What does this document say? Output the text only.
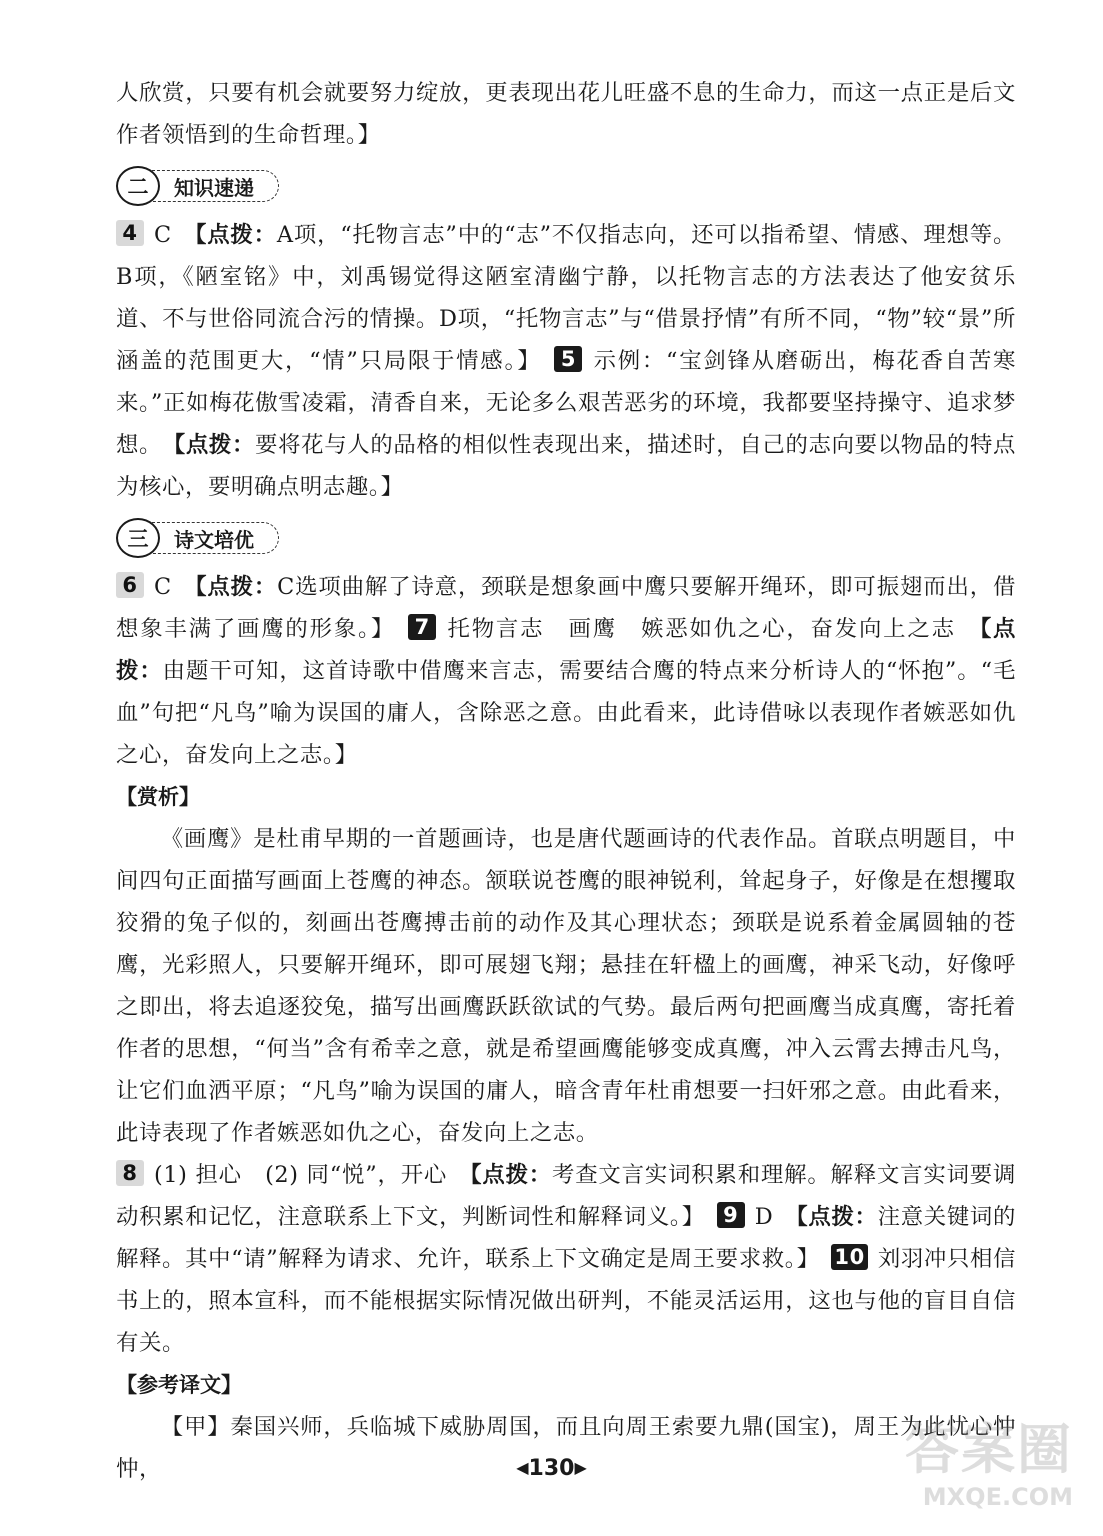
人欣赏，只要有机会就要努力绽放，更表现出花儿旺盛不息的生命力，而这一点正是后文作者领悟到的生命哲理。】

二	知识速递

4 C　 【点拨：A项，“托物言志”中的“志”不仅指志向，还可以指希望、情感、理想等。B项，《陋室铭》中，刘禹锡觉得这陋室清幽宁静，以托物言志的方法表达了他安贫乐道、不与世俗同流合污的情操。D项，“托物言志”与“借景抒情”有所不同，“物”较“景”所涵盖的范围更大，“情”只局限于情感。】　 5 示例：“宝剑锋从磨砺出，梅花香自苦寒来。”正如梅花傲雪凌霜，清香自来，无论多么艰苦恶劣的环境，我都要坚持操守、追求梦想。　 【点拨：要将花与人的品格的相似性表现出来，描述时，自己的志向要以物品的特点为核心，要明确点明志趣。】

三	诗文培优

6 C　 【点拨：C选项曲解了诗意，颈联是想象画中鹰只要解开绳环，即可振翅而出，借想象丰满了画鹰的形象。】　 7 托物言志　画鹰　嫉恶如仇之心，奋发向上之志　 【点拨：由题干可知，这首诗歌中借鹰来言志，需要结合鹰的特点来分析诗人的“怀抱”。“毛血”句把“凡鸟”喻为误国的庸人，含除恶之意。由此看来，此诗借咏以表现作者嫉恶如仇之心，奋发向上之志。】

【赏析】

《画鹰》是杜甫早期的一首题画诗，也是唐代题画诗的代表作品。首联点明题目，中间四句正面描写画面上苍鹰的神态。颔联说苍鹰的眼神锐利，耸起身子，好像是在想攫取狡猾的兔子似的，刻画出苍鹰搏击前的动作及其心理状态；颈联是说系着金属圆轴的苍鹰，光彩照人，只要解开绳环，即可展翅飞翔；悬挂在轩楹上的画鹰，神采飞动，好像呼之即出，将去追逐狡兔，描写出画鹰跃跃欲试的气势。最后两句把画鹰当成真鹰，寄托着作者的思想，“何当”含有希幸之意，就是希望画鹰能够变成真鹰，冲入云霄去搏击凡鸟，让它们血洒平原；“凡鸟”喻为误国的庸人，暗含青年杜甫想要一扫奸邪之意。由此看来，此诗表现了作者嫉恶如仇之心，奋发向上之志。

8 (1) 担心　(2) 同“悦”，开心　 【点拨：考查文言实词积累和理解。解释文言实词要调动积累和记忆，注意联系上下文，判断词性和解释词义。】　 9 D　 【点拨：注意关键词的解释。其中“请”解释为请求、允许，联系上下文确定是周王要求救。】　 10 刘羽冲只相信书上的，照本宣科，而不能根据实际情况做出研判，不能灵活运用，这也与他的盲目自信有关。

【参考译文】

【甲】秦国兴师，兵临城下威胁周国，而且向周王索要九鼎(国宝)，周王为此忧心忡忡，	◀130▶	答案圈
MXQE.COM
